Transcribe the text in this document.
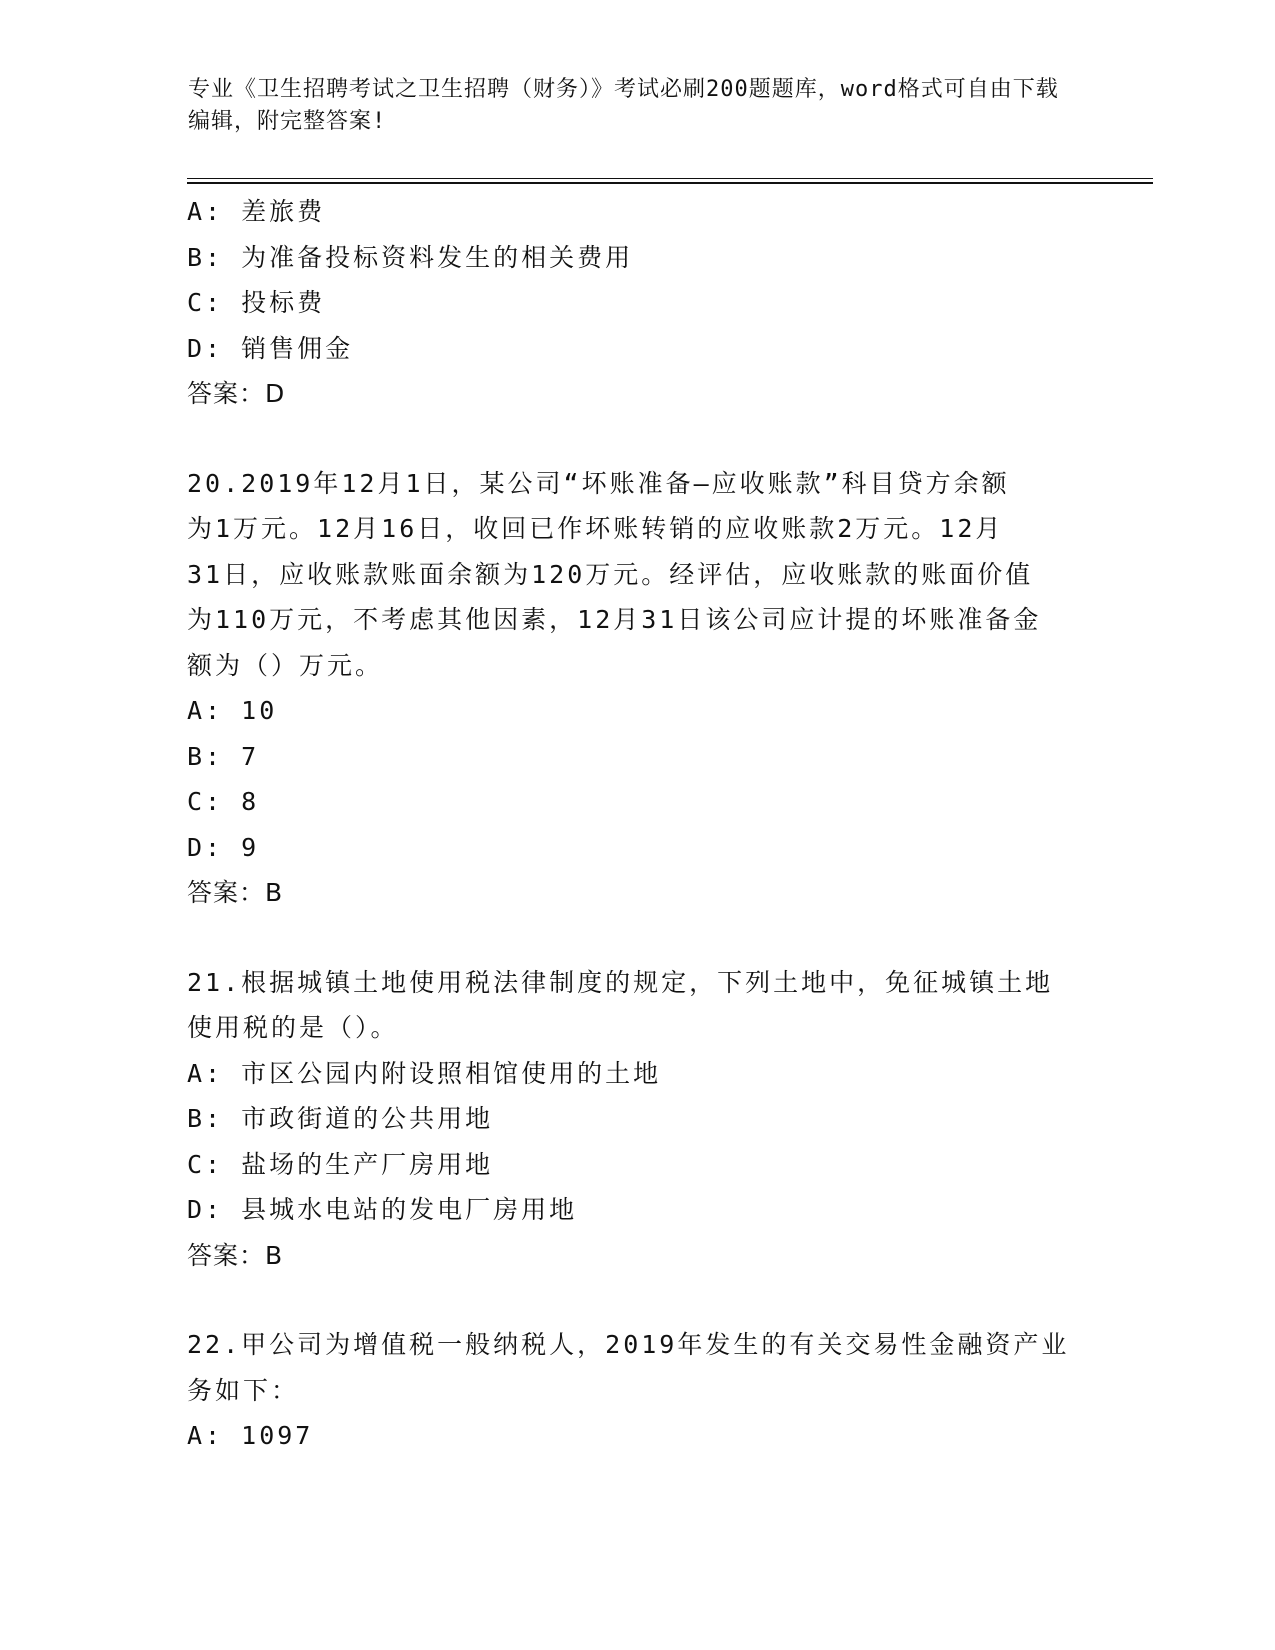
专业《卫生招聘考试之卫生招聘（财务）》考试必刷200题题库，word格式可自由下载编辑，附完整答案!
A: 差旅费
B: 为准备投标资料发生的相关费用
C: 投标费
D: 销售佣金
答案：D
20.2019年12月1日，某公司“坏账准备—应收账款”科目贷方余额
为1万元。12月16日，收回已作坏账转销的应收账款2万元。12月
31日，应收账款账面余额为120万元。经评估，应收账款的账面价值
为110万元，不考虑其他因素，12月31日该公司应计提的坏账准备金
额为（）万元。
A: 10
B: 7
C: 8
D: 9
答案：B
21.根据城镇土地使用税法律制度的规定，下列土地中，免征城镇土地
使用税的是（）。
A: 市区公园内附设照相馆使用的土地
B: 市政街道的公共用地
C: 盐场的生产厂房用地
D: 县城水电站的发电厂房用地
答案：B
22.甲公司为增值税一般纳税人，2019年发生的有关交易性金融资产业
务如下：
A: 1097
